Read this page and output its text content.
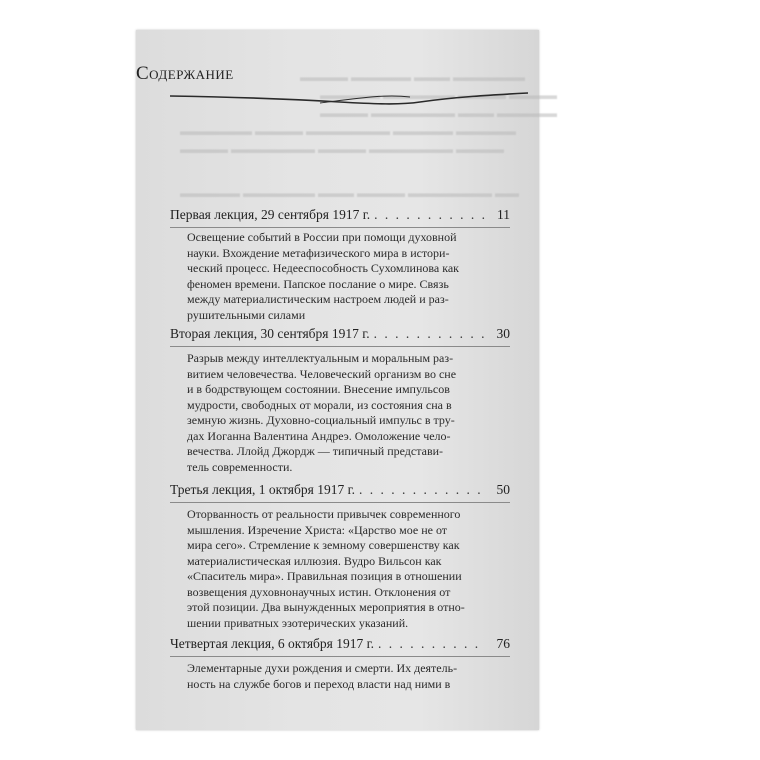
▬▬▬▬ ▬▬▬▬▬ ▬▬▬ ▬▬▬▬▬▬
▬▬▬▬▬ ▬▬▬▬▬▬ ▬▬▬▬ ▬▬▬▬
▬▬▬▬ ▬▬▬▬▬▬▬ ▬▬▬ ▬▬▬▬▬
▬▬▬▬▬▬ ▬▬▬▬ ▬▬▬▬▬▬▬ ▬▬▬▬▬ ▬▬▬▬▬
▬▬▬▬ ▬▬▬▬▬▬▬ ▬▬▬▬ ▬▬▬▬▬▬▬ ▬▬▬▬
▬▬▬▬▬ ▬▬▬▬▬▬ ▬▬▬ ▬▬▬▬ ▬▬▬▬▬▬▬ ▬▬
Содержание
Первая лекция, 29 сентября 1917 г. . . .	11
Освещение событий в России при помощи духовной
науки. Вхождение метафизического мира в истори-
ческий процесс. Недееспособность Сухомлинова как
феномен времени. Папское послание о мире. Связь
между материалистическим настроем людей и раз-
рушительными силами
Вторая лекция, 30 сентября 1917 г. . . .	30
Разрыв между интеллектуальным и моральным раз-
витием человечества. Человеческий организм во сне
и в бодрствующем состоянии. Внесение импульсов
мудрости, свободных от морали, из состояния сна в
земную жизнь. Духовно-социальный импульс в тру-
дах Иоганна Валентина Андреэ. Омоложение чело-
вечества. Ллойд Джордж — типичный представи-
тель современности.
Третья лекция, 1 октября 1917 г. . . .	50
Оторванность от реальности привычек современного
мышления. Изречение Христа: «Царство мое не от
мира сего». Стремление к земному совершенству как
материалистическая иллюзия. Вудро Вильсон как
«Спаситель мира». Правильная позиция в отношении
возвещения духовнонаучных истин. Отклонения от
этой позиции. Два вынужденных мероприятия в отно-
шении приватных эзотерических указаний.
Четвертая лекция, 6 октября 1917 г. . . .	76
Элементарные духи рождения и смерти. Их деятель-
ность на службе богов и переход власти над ними в
